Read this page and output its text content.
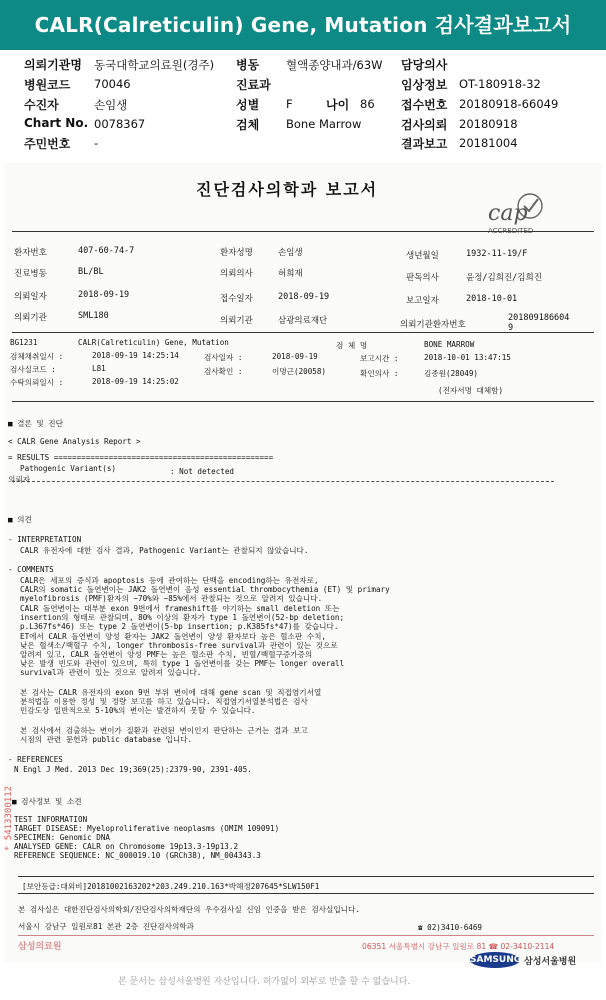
CALR(Calreticulin) Gene, Mutation 검사결과보고서
의뢰기관명 동국대학교의료원(경주) 병동 혈액종양내과/63W 담당의사
병원코드 70046	진료과	임상정보 OT-180918-32
수진자	손임생	성별 F	나이 86 접수번호 20180918-66049
Chart No. 0078367	검체 Bone Marrow	검사의뢰 20180918
주민번호 -	결과보고 20181004
진단검사의학과 보고서
cap
ACCREDITED
환자번호	407-60-74-7	환자성명	손임생	생년월일	1932-11-19/F
진료병동	BL/BL	의뢰의사	허희재	판독의사	윤정/김희진/김희진
의뢰일자	2018-09-19	접수일자	2018-09-19	보고일자	2018-10-01
의뢰기관	SML180	의뢰기관	삼광의료재단	의뢰기관환자번호
201809186604
9
BG1231	CALR(Calreticulin) Gene, Mutation	검 체 명	BONE MARROW
검체채취일시 :	2018-09-19 14:25:14	검사일자 :	2018-09-19	보고시간 :	2018-10-01 13:47:15
검사실코드 :	L81	검사확인 :	이명근(20058)	확인의사 :	김종원(28049)
수탁의뢰일시 :	2018-09-19 14:25:02
(전자서명 대체함)
■ 결론 및 진단
< CALR Gene Analysis Report >
= RESULTS ================================================
Pathogenic Variant(s)	: Not detected
의뢰자
■ 의견
- INTERPRETATION
CALR 유전자에 대한 검사 결과, Pathogenic Variant는 관찰되지 않았습니다.
- COMMENTS
CALR은 세포의 증식과 apoptosis 등에 관여하는 단백을 encoding하는 유전자로,
CALR의 somatic 돌연변이는 JAK2 돌연변이 음성 essential thrombocythemia (ET) 및 primary
myelofibrosis (PMF)환자의 ~70%와 ~85%에서 관찰되는 것으로 알려져 있습니다.
CALR 돌연변이는 대부분 exon 9번에서 frameshift를 야기하는 small deletion 또는
insertion의 형태로 관찰되며, 80% 이상의 환자가 type 1 돌연변이(52-bp deletion;
p.L367fs*46) 또는 type 2 돌연변이(5-bp insertion; p.K385fs*47)를 갖습니다.
ET에서 CALR 돌연변이 양성 환자는 JAK2 돌연변이 양성 환자보다 높은 혈소판 수치,
낮은 혈색소/백혈구 수치, longer thrombosis-free survival과 관련이 있는 것으로
알려져 있고, CALR 돌연변이 양성 PMF는 높은 혈소판 수치, 빈혈/백혈구증가증의
낮은 발생 빈도와 관련이 있으며, 특히 type 1 돌연변이를 갖는 PMF는 longer overall
survival과 관련이 있는 것으로 알려져 있습니다.
본 검사는 CALR 유전자의 exon 9번 부위 변이에 대해 gene scan 및 직접염기서열
분석법을 이용한 정성 및 정량 보고를 하고 있습니다. 직접염기서열분석법은 검사
민감도상 일반적으로 5-10%의 변이는 발견하지 못할 수 있습니다.
본 검사에서 검출하는 변이가 질환과 관련된 변이인지 판단하는 근거는 결과 보고
시점의 관련 문헌과 public database 입니다.
- REFERENCES
N Engl J Med. 2013 Dec 19;369(25):2379-90, 2391-405.
■ 검사정보 및 소견
TEST INFORMATION
TARGET DISEASE: Myeloproliferative neoplasms (OMIM 109091)
SPECIMEN: Genomic DNA
ANALYSED GENE: CALR on Chromosome 19p13.3-19p13.2
REFERENCE SEQUENCE: NC_000019.10 (GRCh38), NM_004343.3
* 5413300112
[보안등급:대외비]20181002163202*203.249.210.163*박해정207645*SLW150F1
본 검사실은 대한진단검사의학회/진단검사의학재단의 우수검사실 신임 인증을 받은 검사실입니다.
서울시 강남구 일원로81 본관 2층 진단검사의학과	☎ 02)3410-6469
삼성의료원	06351 서울특별시 강남구 일원로 81 ☎ 02-3410-2114
SAMSUNG 삼성서울병원
본 문서는 삼성서울병원 자산입니다. 허가없이 외부로 반출 할 수 없습니다.
